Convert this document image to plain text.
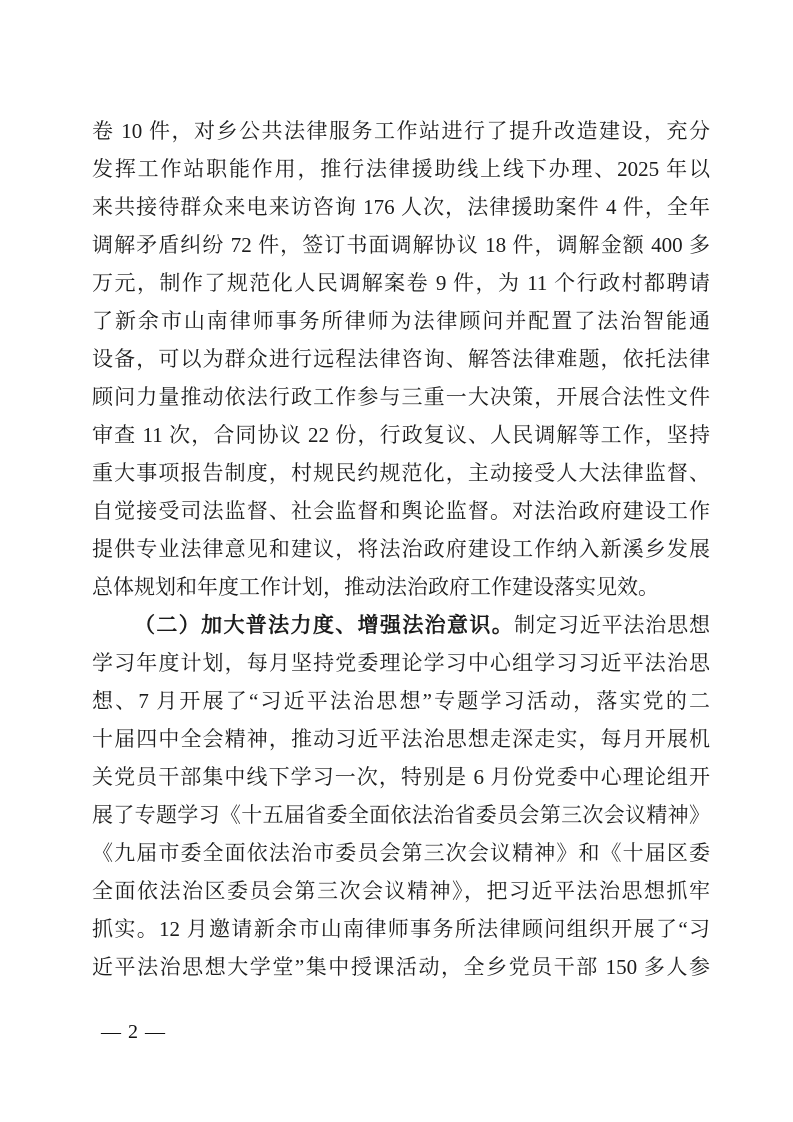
卷 10 件，对乡公共法律服务工作站进行了提升改造建设，充分
发挥工作站职能作用，推行法律援助线上线下办理、2025 年以
来共接待群众来电来访咨询 176 人次，法律援助案件 4 件，全年
调解矛盾纠纷 72 件，签订书面调解协议 18 件，调解金额 400 多
万元，制作了规范化人民调解案卷 9 件，为 11 个行政村都聘请
了新余市山南律师事务所律师为法律顾问并配置了法治智能通
设备，可以为群众进行远程法律咨询、解答法律难题，依托法律
顾问力量推动依法行政工作参与三重一大决策，开展合法性文件
审查 11 次，合同协议 22 份，行政复议、人民调解等工作，坚持
重大事项报告制度，村规民约规范化，主动接受人大法律监督、
自觉接受司法监督、社会监督和舆论监督。对法治政府建设工作
提供专业法律意见和建议，将法治政府建设工作纳入新溪乡发展
总体规划和年度工作计划，推动法治政府工作建设落实见效。
（二）加大普法力度、增强法治意识。制定习近平法治思想
学习年度计划，每月坚持党委理论学习中心组学习习近平法治思
想、7 月开展了“习近平法治思想”专题学习活动，落实党的二
十届四中全会精神，推动习近平法治思想走深走实，每月开展机
关党员干部集中线下学习一次，特别是 6 月份党委中心理论组开
展了专题学习《十五届省委全面依法治省委员会第三次会议精神》
《九届市委全面依法治市委员会第三次会议精神》和《十届区委
全面依法治区委员会第三次会议精神》，把习近平法治思想抓牢
抓实。12 月邀请新余市山南律师事务所法律顾问组织开展了“习
近平法治思想大学堂”集中授课活动，全乡党员干部 150 多人参
— 2 —
